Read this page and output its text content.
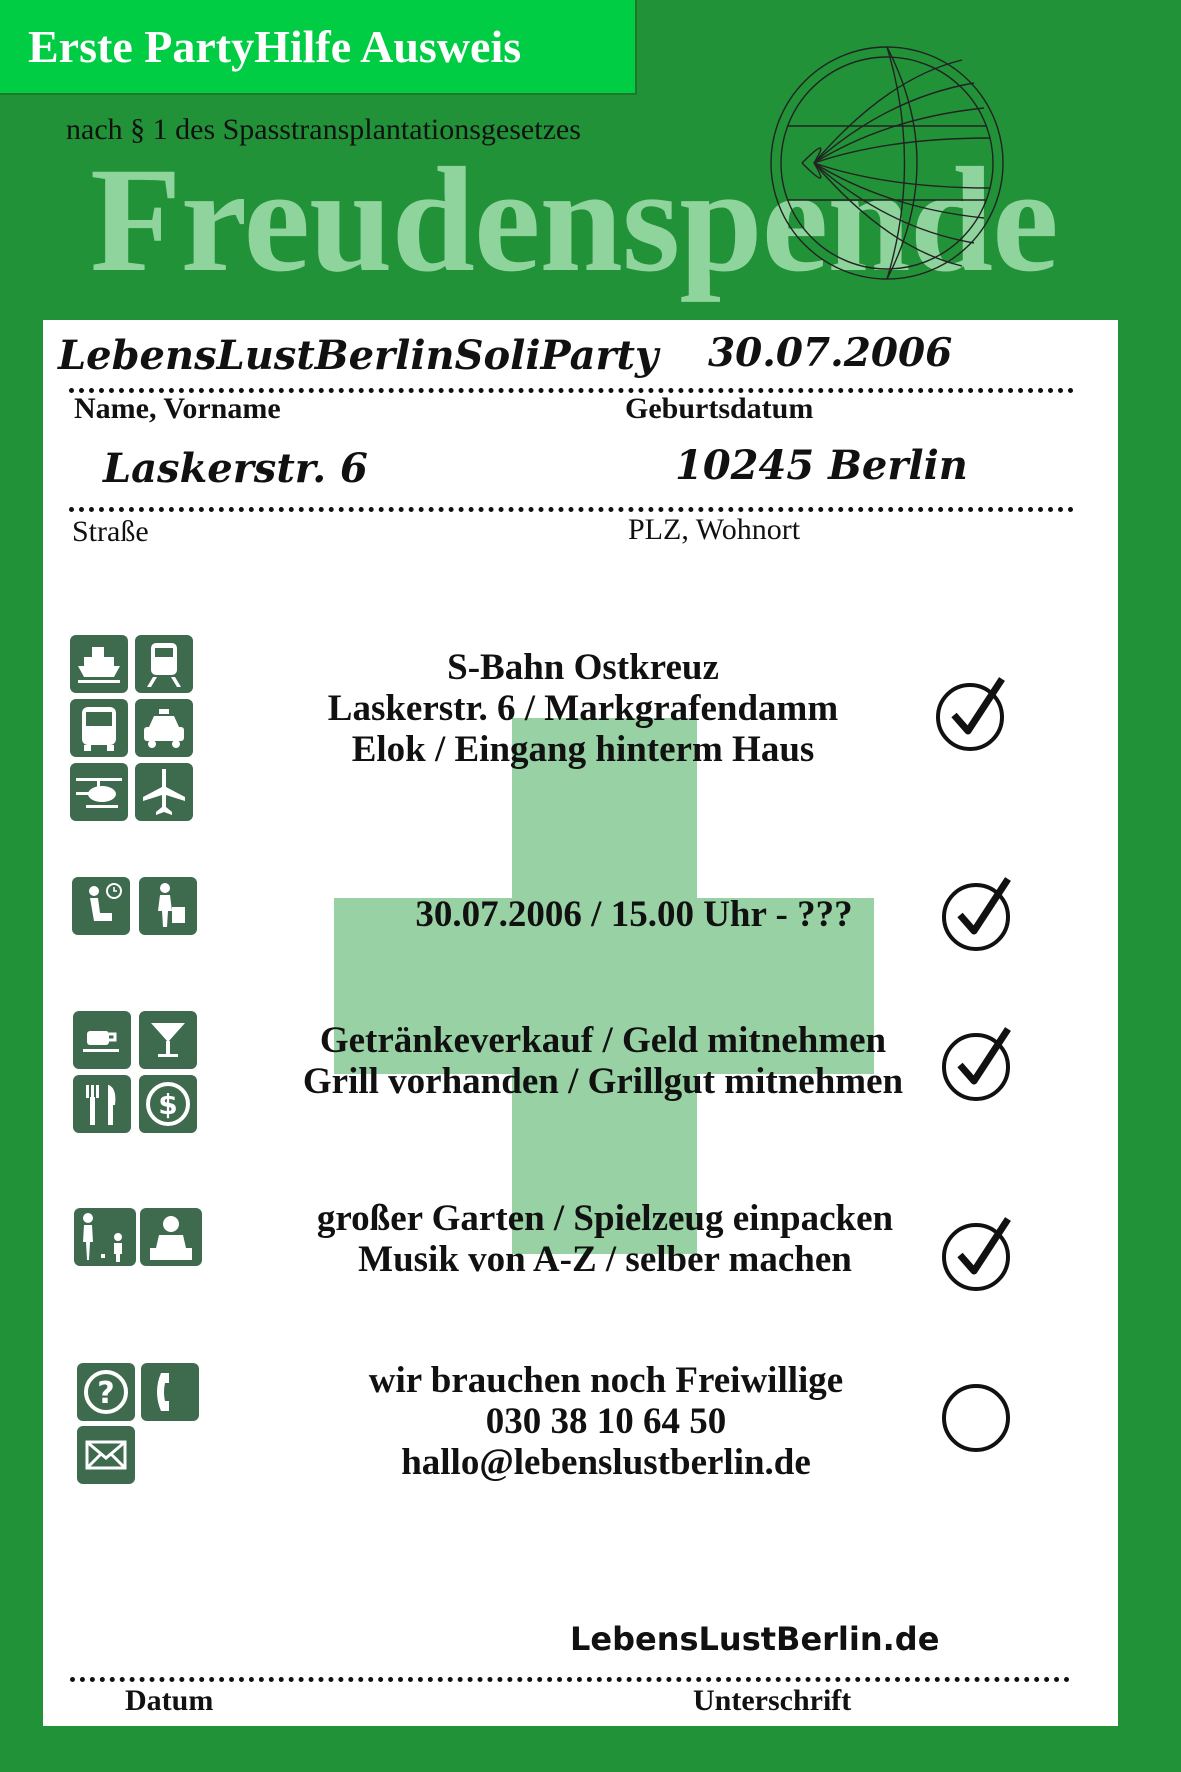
Erste PartyHilfe Ausweis
nach § 1 des Spasstransplantationsgesetzes
Freudenspende
LebensLustBerlinSoliParty 30.07.2006
Name, Vorname	Geburtsdatum
Laskerstr. 6	10245 Berlin
Straße	PLZ, Wohnort
S-Bahn Ostkreuz
Laskerstr. 6 / Markgrafendamm
Elok / Eingang hinterm Haus
30.07.2006 / 15.00 Uhr - ???
$
Getränkeverkauf / Geld mitnehmen
Grill vorhanden / Grillgut mitnehmen
großer Garten / Spielzeug einpacken
Musik von A-Z / selber machen
?	wir brauchen noch Freiwillige
030 38 10 64 50
hallo@lebenslustberlin.de
LebensLustBerlin.de
Datum	Unterschrift
